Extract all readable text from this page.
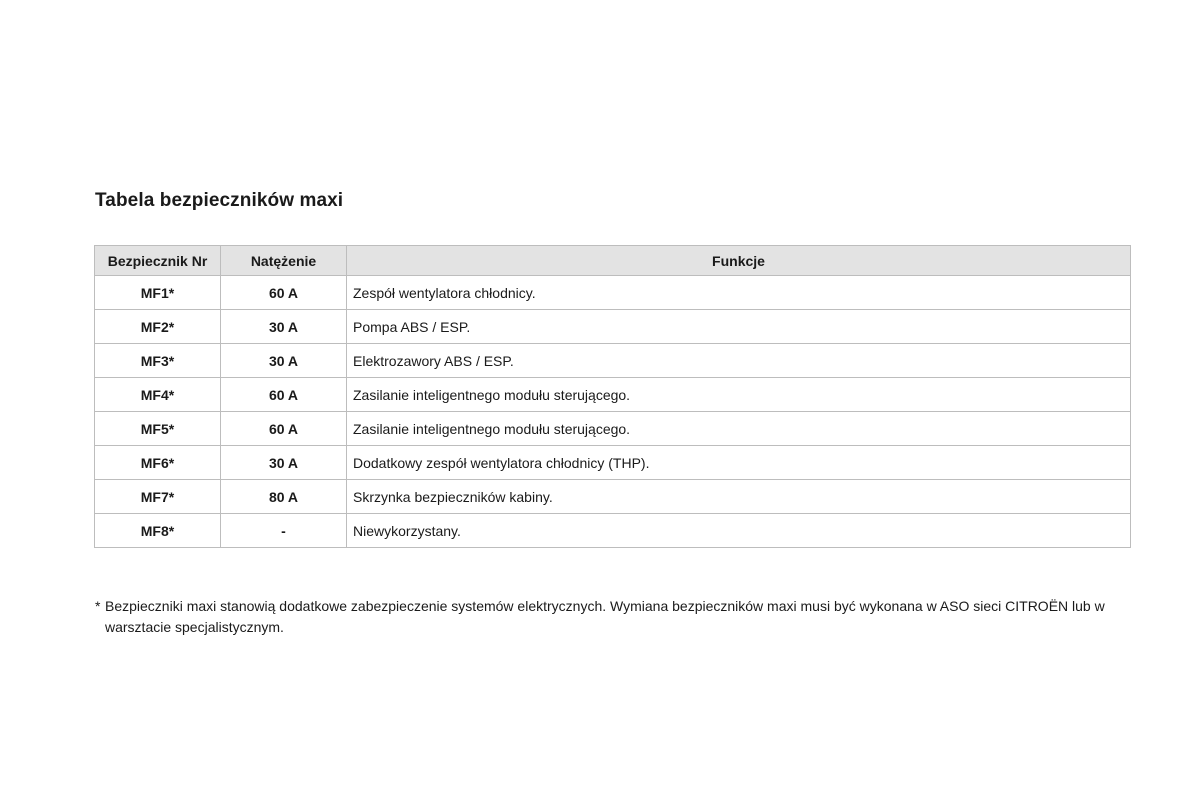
Tabela bezpieczników maxi
Bezpiecznik Nr	Natężenie	Funkcje
MF1*	60 A	Zespół wentylatora chłodnicy.
MF2*	30 A	Pompa ABS / ESP.
MF3*	30 A	Elektrozawory ABS / ESP.
MF4*	60 A	Zasilanie inteligentnego modułu sterującego.
MF5*	60 A	Zasilanie inteligentnego modułu sterującego.
MF6*	30 A	Dodatkowy zespół wentylatora chłodnicy (THP).
MF7*	80 A	Skrzynka bezpieczników kabiny.
MF8*	-	Niewykorzystany.

* Bezpieczniki maxi stanowią dodatkowe zabezpieczenie systemów elektrycznych. Wymiana bezpieczników maxi musi być wykonana w ASO sieci CITROËN lub w warsztacie specjalistycznym.
